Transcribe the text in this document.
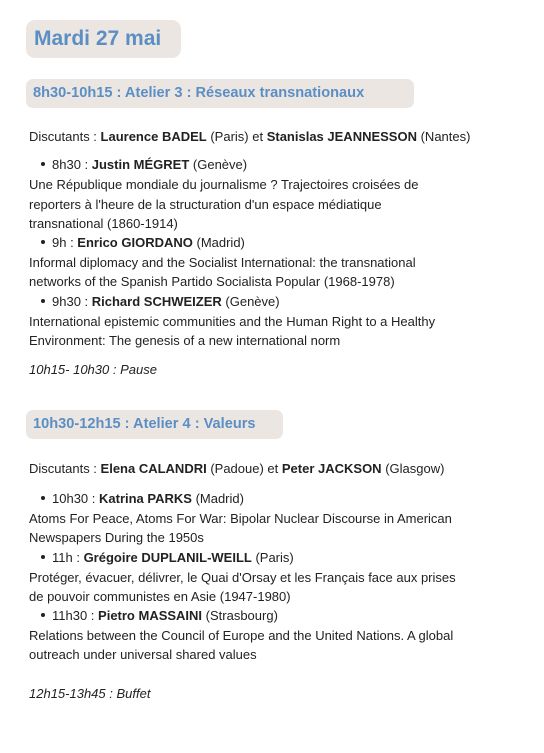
Mardi 27 mai
8h30-10h15 : Atelier 3 : Réseaux transnationaux
Discutants : Laurence BADEL (Paris) et Stanislas JEANNESSON (Nantes)
8h30 : Justin MÉGRET (Genève)
Une République mondiale du journalisme ? Trajectoires croisées de
reporters à l'heure de la structuration d'un espace médiatique
transnational (1860-1914)
9h : Enrico GIORDANO (Madrid)
Informal diplomacy and the Socialist International: the transnational
networks of the Spanish Partido Socialista Popular (1968-1978)
9h30 : Richard SCHWEIZER (Genève)
International epistemic communities and the Human Right to a Healthy
Environment: The genesis of a new international norm
10h15- 10h30 : Pause
10h30-12h15 : Atelier 4 : Valeurs
Discutants : Elena CALANDRI (Padoue) et Peter JACKSON (Glasgow)
10h30 : Katrina PARKS (Madrid)
Atoms For Peace, Atoms For War: Bipolar Nuclear Discourse in American
Newspapers During the 1950s
11h : Grégoire DUPLANIL-WEILL (Paris)
Protéger, évacuer, délivrer, le Quai d'Orsay et les Français face aux prises
de pouvoir communistes en Asie (1947-1980)
11h30 : Pietro MASSAINI (Strasbourg)
Relations between the Council of Europe and the United Nations. A global
outreach under universal shared values
12h15-13h45 : Buffet
